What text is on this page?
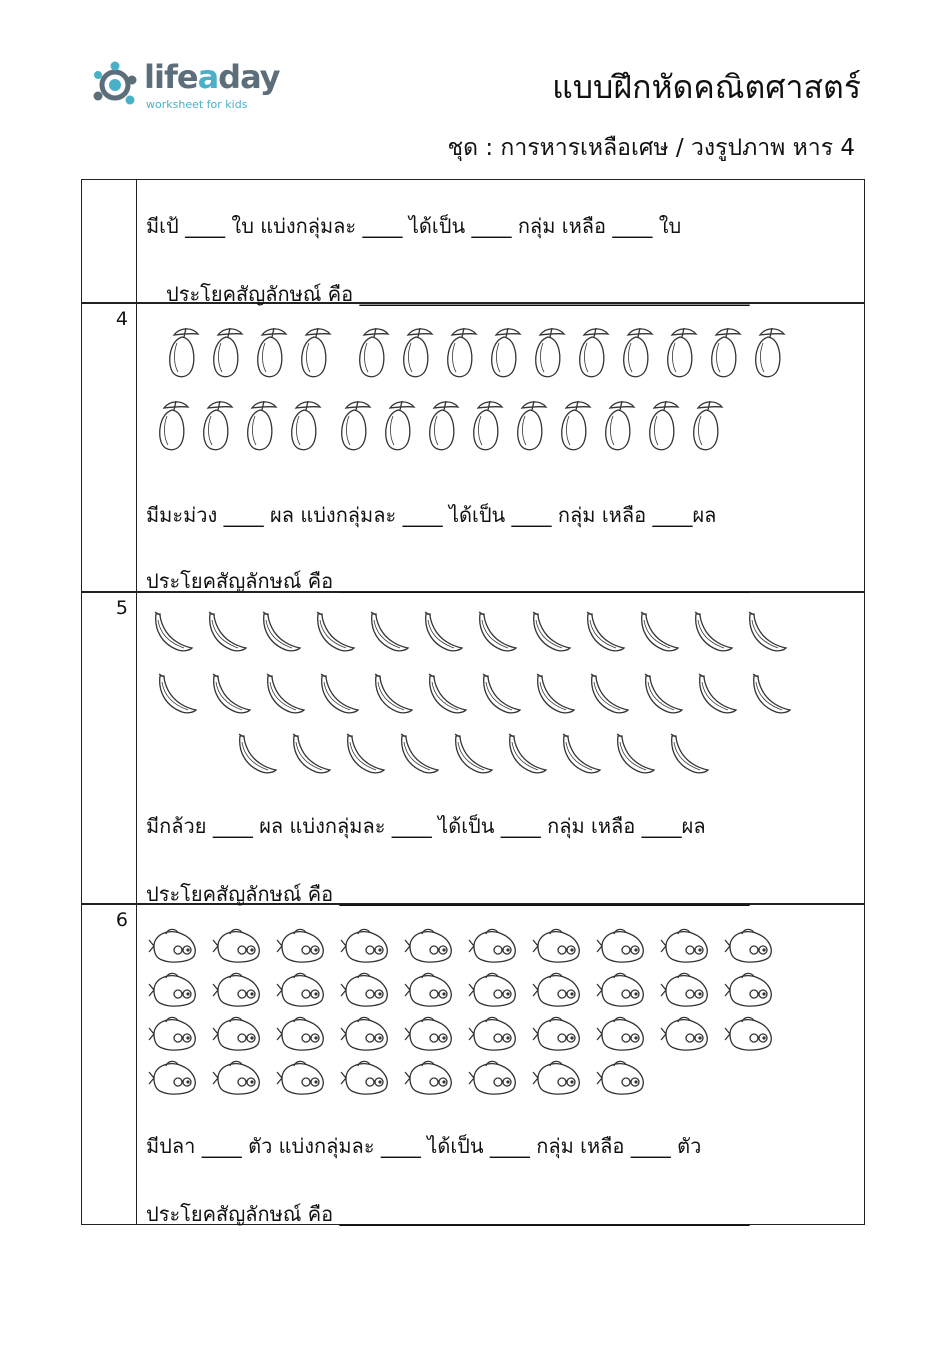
lifeaday
worksheet for kids	แบบฝึกหัดคณิตศาสตร์
ชุด : การหารเหลือเศษ / วงรูปภาพ หาร 4
มีเป้ ____ ใบ แบ่งกลุ่มละ ____ ได้เป็น ____ กลุ่ม เหลือ ____ ใบ
ประโยคสัญลักษณ์ คือ _______________________________________
4
มีมะม่วง ____ ผล แบ่งกลุ่มละ ____ ได้เป็น ____ กลุ่ม เหลือ ____ผล
ประโยคสัญลักษณ์ คือ _________________________________________
5
มีกล้วย ____ ผล แบ่งกลุ่มละ ____ ได้เป็น ____ กลุ่ม เหลือ ____ผล
ประโยคสัญลักษณ์ คือ _________________________________________
6
มีปลา ____ ตัว แบ่งกลุ่มละ ____ ได้เป็น ____ กลุ่ม เหลือ ____ ตัว
ประโยคสัญลักษณ์ คือ _________________________________________
